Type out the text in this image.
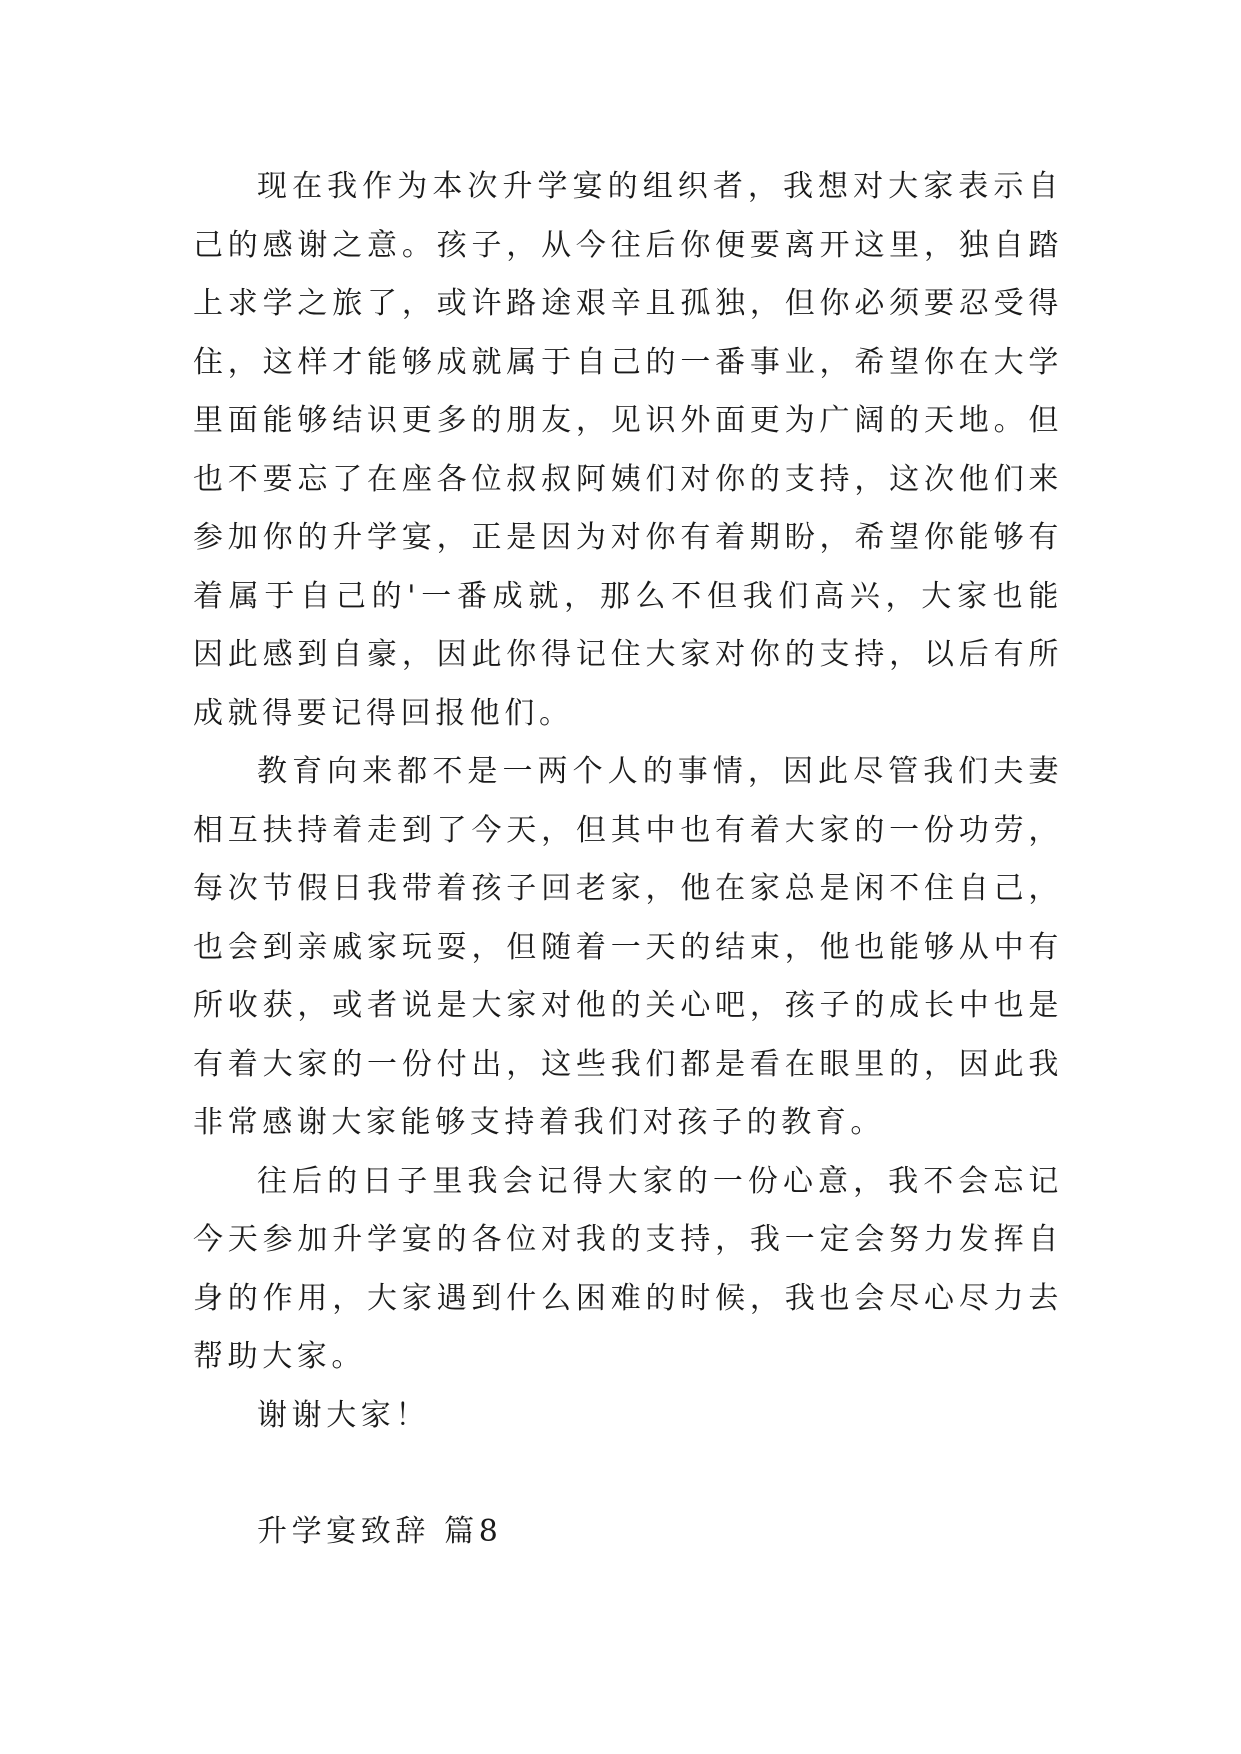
现在我作为本次升学宴的组织者，我想对大家表示自己的感谢之意。孩子，从今往后你便要离开这里，独自踏上求学之旅了，或许路途艰辛且孤独，但你必须要忍受得住，这样才能够成就属于自己的一番事业，希望你在大学里面能够结识更多的朋友，见识外面更为广阔的天地。但也不要忘了在座各位叔叔阿姨们对你的支持，这次他们来参加你的升学宴，正是因为对你有着期盼，希望你能够有着属于自己的'一番成就，那么不但我们高兴，大家也能因此感到自豪，因此你得记住大家对你的支持，以后有所成就得要记得回报他们。

教育向来都不是一两个人的事情，因此尽管我们夫妻相互扶持着走到了今天，但其中也有着大家的一份功劳，每次节假日我带着孩子回老家，他在家总是闲不住自己，也会到亲戚家玩耍，但随着一天的结束，他也能够从中有所收获，或者说是大家对他的关心吧，孩子的成长中也是有着大家的一份付出，这些我们都是看在眼里的，因此我非常感谢大家能够支持着我们对孩子的教育。

往后的日子里我会记得大家的一份心意，我不会忘记今天参加升学宴的各位对我的支持，我一定会努力发挥自身的作用，大家遇到什么困难的时候，我也会尽心尽力去帮助大家。

谢谢大家！

升学宴致辞 篇8
